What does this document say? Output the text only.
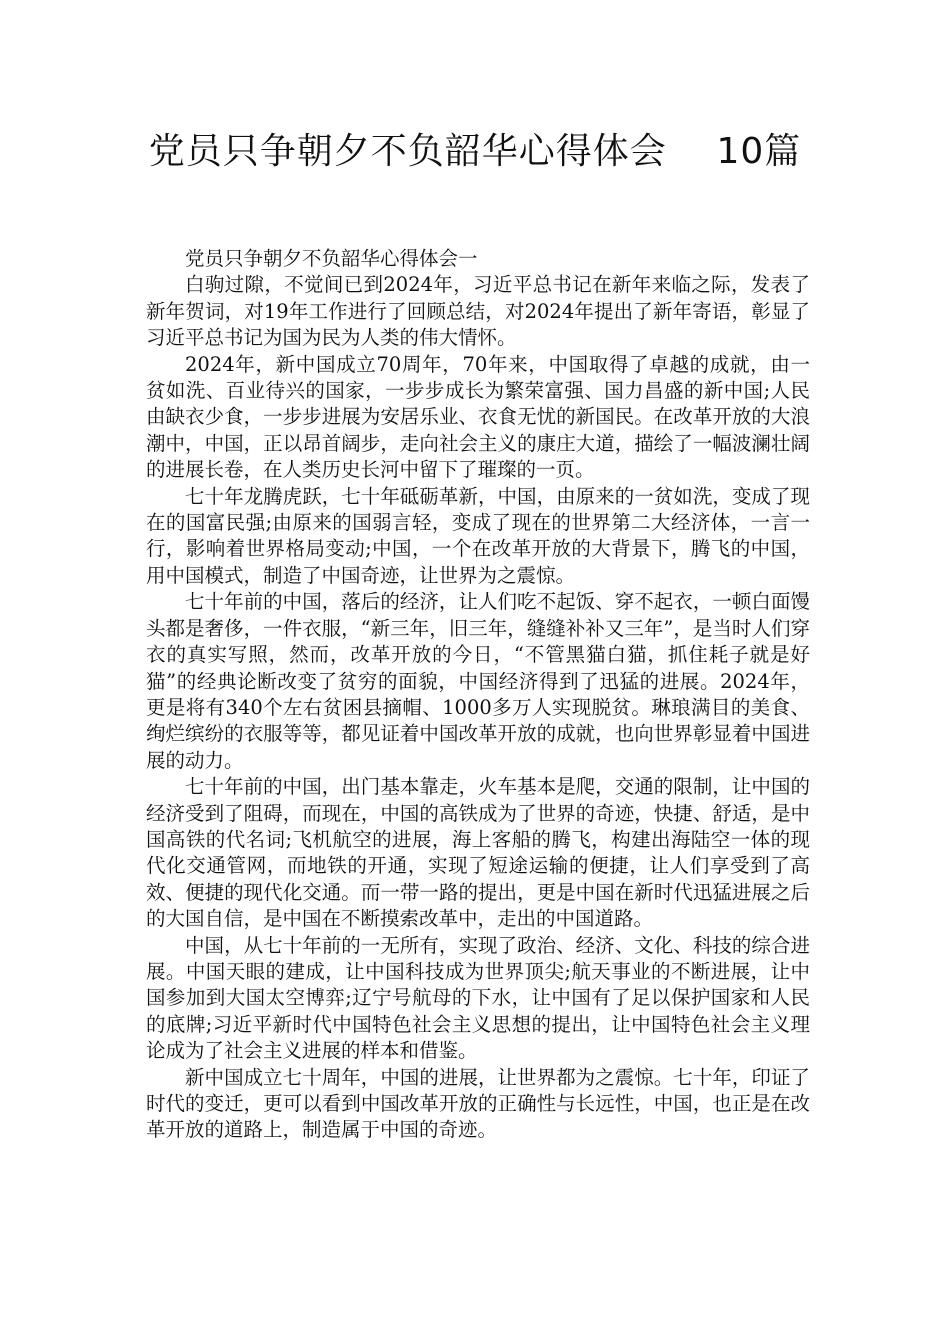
党员只争朝夕不负韶华心得体会    10篇

党员只争朝夕不负韶华心得体会一

白驹过隙，不觉间已到2024年，习近平总书记在新年来临之际，发表了新年贺词，对19年工作进行了回顾总结，对2024年提出了新年寄语，彰显了习近平总书记为国为民为人类的伟大情怀。

2024年，新中国成立70周年，70年来，中国取得了卓越的成就，由一贫如洗、百业待兴的国家，一步步成长为繁荣富强、国力昌盛的新中国;人民由缺衣少食，一步步进展为安居乐业、衣食无忧的新国民。在改革开放的大浪潮中，中国，正以昂首阔步，走向社会主义的康庄大道，描绘了一幅波澜壮阔的进展长卷，在人类历史长河中留下了璀璨的一页。

七十年龙腾虎跃，七十年砥砺革新，中国，由原来的一贫如洗，变成了现在的国富民强;由原来的国弱言轻，变成了现在的世界第二大经济体，一言一行，影响着世界格局变动;中国，一个在改革开放的大背景下，腾飞的中国，用中国模式，制造了中国奇迹，让世界为之震惊。

七十年前的中国，落后的经济，让人们吃不起饭、穿不起衣，一顿白面馒头都是奢侈，一件衣服，“新三年，旧三年，缝缝补补又三年”，是当时人们穿衣的真实写照，然而，改革开放的今日，“不管黑猫白猫，抓住耗子就是好猫”的经典论断改变了贫穷的面貌，中国经济得到了迅猛的进展。2024年，更是将有340个左右贫困县摘帽、1000多万人实现脱贫。琳琅满目的美食、绚烂缤纷的衣服等等，都见证着中国改革开放的成就，也向世界彰显着中国进展的动力。

七十年前的中国，出门基本靠走，火车基本是爬，交通的限制，让中国的经济受到了阻碍，而现在，中国的高铁成为了世界的奇迹，快捷、舒适，是中国高铁的代名词;飞机航空的进展，海上客船的腾飞，构建出海陆空一体的现代化交通管网，而地铁的开通，实现了短途运输的便捷，让人们享受到了高效、便捷的现代化交通。而一带一路的提出，更是中国在新时代迅猛进展之后的大国自信，是中国在不断摸索改革中，走出的中国道路。

中国，从七十年前的一无所有，实现了政治、经济、文化、科技的综合进展。中国天眼的建成，让中国科技成为世界顶尖;航天事业的不断进展，让中国参加到大国太空博弈;辽宁号航母的下水，让中国有了足以保护国家和人民的底牌;习近平新时代中国特色社会主义思想的提出，让中国特色社会主义理论成为了社会主义进展的样本和借鉴。

新中国成立七十周年，中国的进展，让世界都为之震惊。七十年，印证了时代的变迁，更可以看到中国改革开放的正确性与长远性，中国，也正是在改革开放的道路上，制造属于中国的奇迹。
